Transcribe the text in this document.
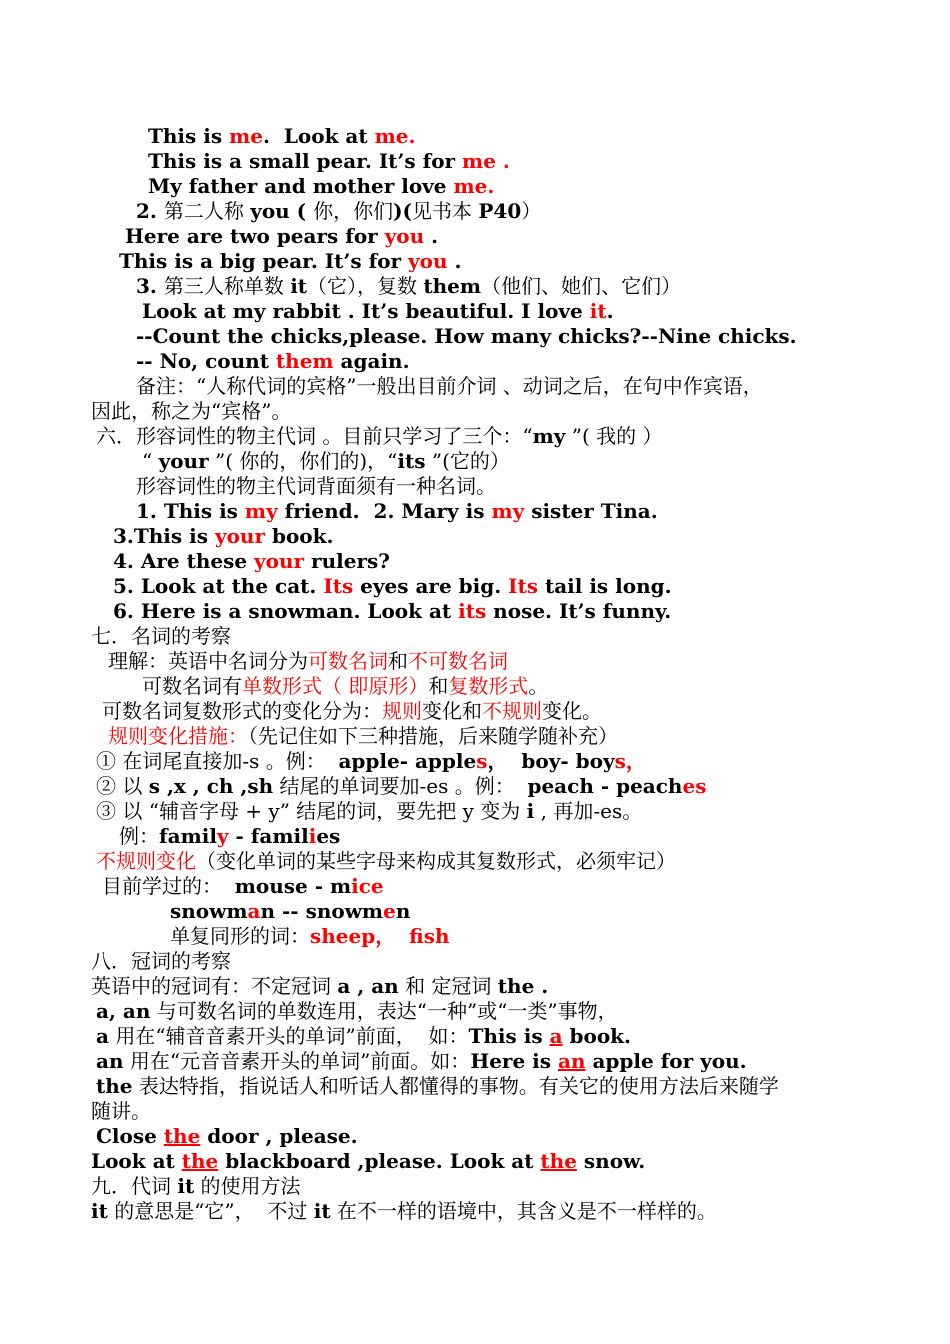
This is me.  Look at me.
This is a small pear. It’s for me .
My father and mother love me.
2. 第二人称 you ( 你，你们)(见书本 P40）
Here are two pears for you .
This is a big pear. It’s for you .
3. 第三人称单数 it（它），复数 them（他们、她们、它们）
Look at my rabbit . It’s beautiful. I love it.
--Count the chicks,please. How many chicks?--Nine chicks.
-- No, count them again.
备注：“人称代词的宾格”一般出目前介词 、动词之后，在句中作宾语，
因此，称之为“宾格”。
六．形容词性的物主代词 。目前只学习了三个：“my ”( 我的 ）
“ your ”( 你的，你们的)，“its ”(它的）
形容词性的物主代词背面须有一种名词。
1. This is my friend.  2. Mary is my sister Tina.
3.This is your book.
4. Are these your rulers?
5. Look at the cat. Its eyes are big. Its tail is long.
6. Here is a snowman. Look at its nose. It’s funny.
七．名词的考察
理解：英语中名词分为可数名词和不可数名词
可数名词有单数形式（ 即原形）和复数形式。
可数名词复数形式的变化分为：规则变化和不规则变化。
规则变化措施：（先记住如下三种措施，后来随学随补充）
① 在词尾直接加-s 。例：  apple- apples，  boy- boys，
② 以 s ,x , ch ,sh 结尾的单词要加-es 。例：  peach - peaches
③ 以 “辅音字母 + y” 结尾的词，要先把 y 变为 i , 再加-es。
例：family - families
不规则变化（变化单词的某些字母来构成其复数形式，必须牢记）
目前学过的：  mouse - mice
snowman -- snowmen
单复同形的词：sheep，  fish
八．冠词的考察
英语中的冠词有：不定冠词 a , an 和 定冠词 the .
a, an 与可数名词的单数连用，表达“一种”或“一类”事物，
a 用在“辅音音素开头的单词”前面，  如：This is a book.
an 用在“元音音素开头的单词”前面。如：Here is an apple for you.
the 表达特指，指说话人和听话人都懂得的事物。有关它的使用方法后来随学
随讲。
Close the door , please.
Look at the blackboard ,please. Look at the snow.
九．代词 it 的使用方法
it 的意思是“它”，  不过 it 在不一样的语境中，其含义是不一样样的。
